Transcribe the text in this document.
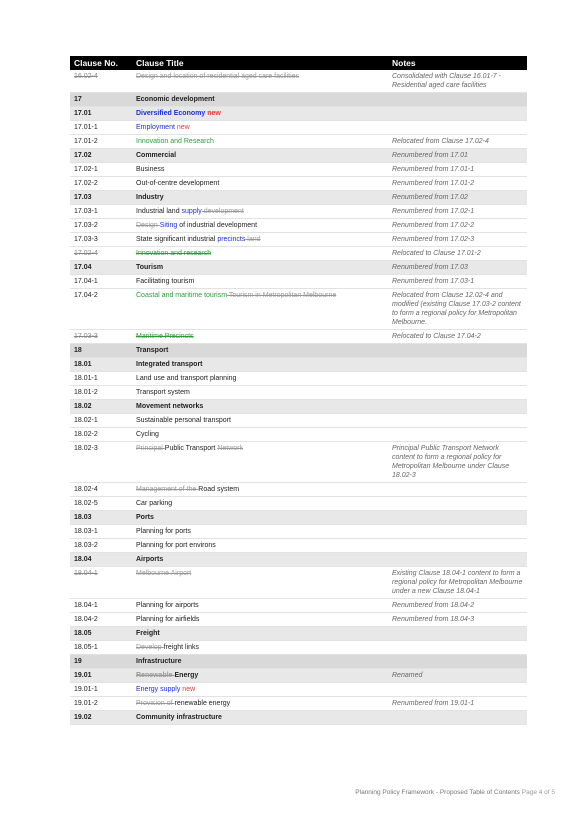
Clause No.	Clause Title	Notes
16.02-4	Design and location of residential aged care facilities	Consolidated with Clause 16.01-7 - Residential aged care facilities
17	Economic development	
17.01	Diversified Economy new	
17.01-1	Employment new	
17.01-2	Innovation and Research	Relocated from Clause 17.02-4
17.02	Commercial	Renumbered from 17.01
17.02-1	Business	Renumbered from 17.01-1
17.02-2	Out-of-centre development	Renumbered from 17.01-2
17.03	Industry	Renumbered from 17.02
17.03-1	Industrial land supply development	Renumbered from 17.02-1
17.03-2	Design Siting of industrial development	Renumbered from 17.02-2
17.03-3	State significant industrial precincts land	Renumbered from 17.02-3
17.02-4	Innovation and research	Relocated to Clause 17.01-2
17.04	Tourism	Renumbered from 17.03
17.04-1	Facilitating tourism	Renumbered from 17.03-1
17.04-2	Coastal and maritime tourism Tourism in Metropolitan Melbourne	Relocated from Clause 12.02-4 and modified (existing Clause 17.03-2 content to form a regional policy for Metropolitan Melbourne.
17.03-3	Maritime Precincts	Relocated to Clause 17.04-2
18	Transport	
18.01	Integrated transport	
18.01-1	Land use and transport planning	
18.01-2	Transport system	
18.02	Movement networks	
18.02-1	Sustainable personal transport	
18.02-2	Cycling	
18.02-3	Principal Public Transport Network	Principal Public Transport Network content to form a regional policy for Metropolitan Melbourne under Clause 18.02-3
18.02-4	Management of the Road system	
18.02-5	Car parking	
18.03	Ports	
18.03-1	Planning for ports	
18.03-2	Planning for port environs	
18.04	Airports	
18.04-1	Melbourne Airport	Existing Clause 18.04-1 content to form a regional policy for Metropolitan Melbourne under a new Clause 18.04-1
18.04-1	Planning for airports	Renumbered from 18.04-2
18.04-2	Planning for airfields	Renumbered from 18.04-3
18.05	Freight	
18.05-1	Develop freight links	
19	Infrastructure	
19.01	Renewable Energy	Renamed
19.01-1	Energy supply new	
19.01-2	Provision of renewable energy	Renumbered from 19.01-1
19.02	Community infrastructure	
Planning Policy Framework - Proposed Table of Contents Page 4 of 5
